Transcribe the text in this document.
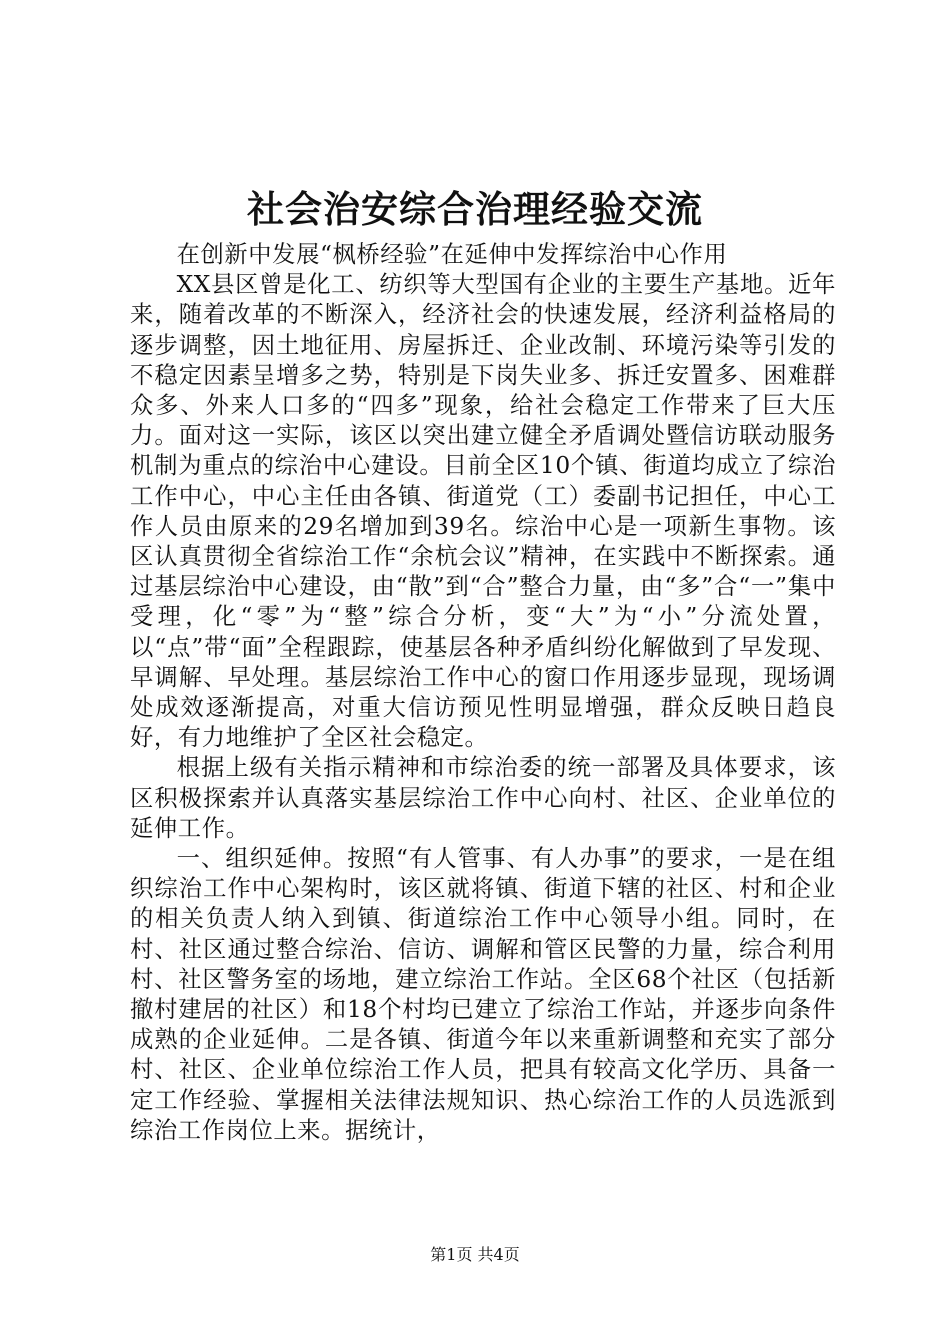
社会治安综合治理经验交流

在创新中发展“枫桥经验”在延伸中发挥综治中心作用

XX县区曾是化工、纺织等大型国有企业的主要生产基地。近年来，随着改革的不断深入，经济社会的快速发展，经济利益格局的逐步调整，因土地征用、房屋拆迁、企业改制、环境污染等引发的不稳定因素呈增多之势，特别是下岗失业多、拆迁安置多、困难群众多、外来人口多的“四多”现象，给社会稳定工作带来了巨大压力。面对这一实际，该区以突出建立健全矛盾调处暨信访联动服务机制为重点的综治中心建设。目前全区10个镇、街道均成立了综治工作中心，中心主任由各镇、街道党（工）委副书记担任，中心工作人员由原来的29名增加到39名。综治中心是一项新生事物。该区认真贯彻全省综治工作“余杭会议”精神，在实践中不断探索。通过基层综治中心建设，由“散”到“合”整合力量，由“多”合“一”集中受理，化“零”为“整”综合分析，变“大”为“小”分流处置，以“点”带“面”全程跟踪，使基层各种矛盾纠纷化解做到了早发现、早调解、早处理。基层综治工作中心的窗口作用逐步显现，现场调处成效逐渐提高，对重大信访预见性明显增强，群众反映日趋良好，有力地维护了全区社会稳定。

根据上级有关指示精神和市综治委的统一部署及具体要求，该区积极探索并认真落实基层综治工作中心向村、社区、企业单位的延伸工作。

一、组织延伸。按照“有人管事、有人办事”的要求，一是在组织综治工作中心架构时，该区就将镇、街道下辖的社区、村和企业的相关负责人纳入到镇、街道综治工作中心领导小组。同时，在村、社区通过整合综治、信访、调解和管区民警的力量，综合利用村、社区警务室的场地，建立综治工作站。全区68个社区（包括新撤村建居的社区）和18个村均已建立了综治工作站，并逐步向条件成熟的企业延伸。二是各镇、街道今年以来重新调整和充实了部分村、社区、企业单位综治工作人员，把具有较高文化学历、具备一定工作经验、掌握相关法律法规知识、热心综治工作的人员选派到综治工作岗位上来。据统计，

第1页 共4页
